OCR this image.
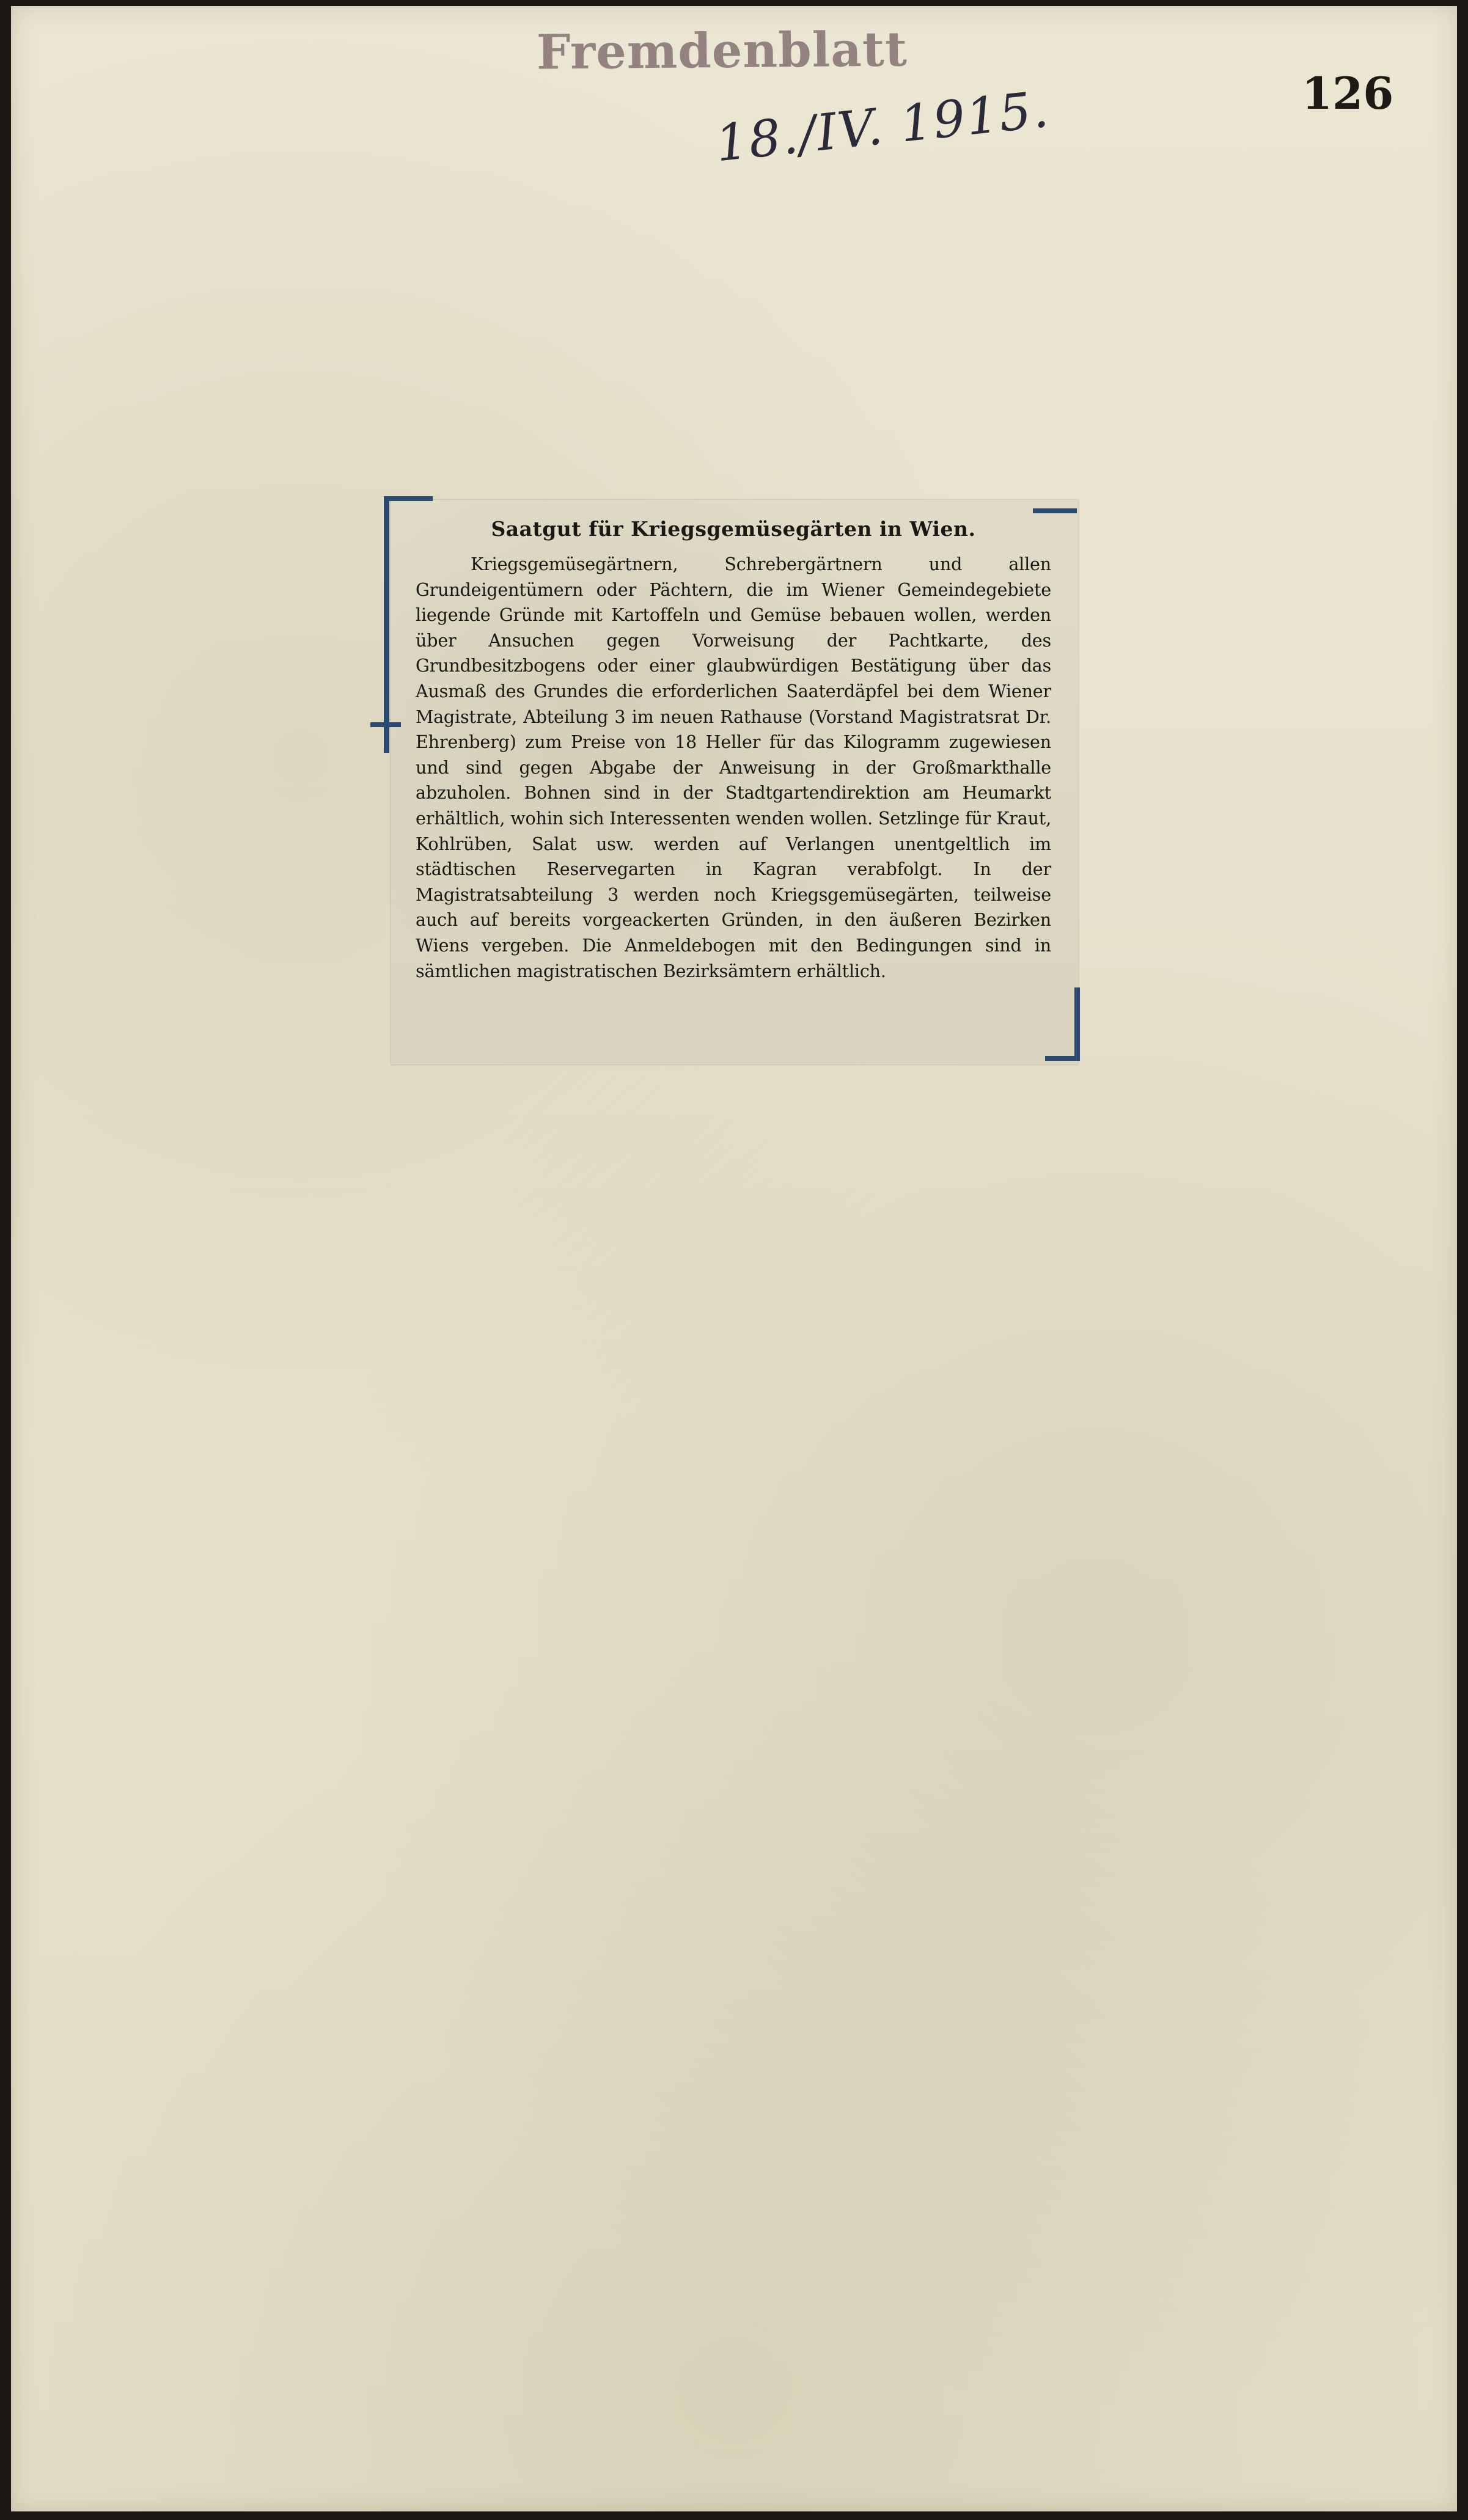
Fremdenblatt
18./IV. 1915.	126
Saatgut für Kriegsgemüsegärten in Wien.
Kriegsgemüsegärtnern, Schrebergärtnern und allen Grundeigentümern oder Pächtern, die im Wiener Gemeindegebiete liegende Gründe mit Kartoffeln und Gemüse bebauen wollen, werden über Ansuchen gegen Vorweisung der Pachtkarte, des Grundbesitzbogens oder einer glaubwürdigen Bestätigung über das Ausmaß des Grundes die erforderlichen Saaterdäpfel bei dem Wiener Magistrate, Abteilung 3 im neuen Rathause (Vorstand Magistratsrat Dr. Ehrenberg) zum Preise von 18 Heller für das Kilogramm zugewiesen und sind gegen Abgabe der Anweisung in der Großmarkthalle abzuholen. Bohnen sind in der Stadtgartendirektion am Heumarkt erhältlich, wohin sich Interessenten wenden wollen. Setzlinge für Kraut, Kohlrüben, Salat usw. werden auf Verlangen unentgeltlich im städtischen Reservegarten in Kagran verabfolgt. In der Magistratsabteilung 3 werden noch Kriegsgemüsegärten, teilweise auch auf bereits vorgeackerten Gründen, in den äußeren Bezirken Wiens vergeben. Die Anmeldebogen mit den Bedingungen sind in sämtlichen magistratischen Bezirksämtern erhältlich.
